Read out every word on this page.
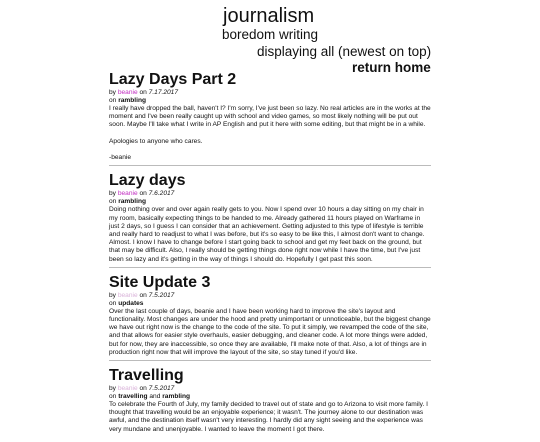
journalism
boredom writing
displaying all (newest on top)
return home
Lazy Days Part 2
by beanie on 7.17.2017
on rambling

I really have dropped the ball, haven't I? I'm sorry, I've just been so lazy. No real articles are in the works at the moment and I've been really caught up with school and video games, so most likely nothing will be put out soon. Maybe I'll take what I write in AP English and put it here with some editing, but that might be in a while.

Apologies to anyone who cares.

-beanie

Lazy days
by beanie on 7.6.2017
on rambling

Doing nothing over and over again really gets to you. Now I spend over 10 hours a day sitting on my chair in my room, basically expecting things to be handed to me. Already gathered 11 hours played on Warframe in just 2 days, so I guess I can consider that an achievement. Getting adjusted to this type of lifestyle is terrible and really hard to readjust to what I was before, but it's so easy to be like this, I almost don't want to change. Almost. I know I have to change before I start going back to school and get my feet back on the ground, but that may be difficult. Also, I really should be getting things done right now while I have the time, but I've just been so lazy and it's getting in the way of things I should do. Hopefully I get past this soon.

Site Update 3
by beanie on 7.5.2017
on updates

Over the last couple of days, beanie and I have been working hard to improve the site's layout and functionality. Most changes are under the hood and pretty unimportant or unnoticeable, but the biggest change we have out right now is the change to the code of the site. To put it simply, we revamped the code of the site, and that allows for easier style overhauls, easier debugging, and cleaner code. A lot more things were added, but for now, they are inaccessible, so once they are available, I'll make note of that. Also, a lot of things are in production right now that will improve the layout of the site, so stay tuned if you'd like.

Travelling
by beanie on 7.5.2017
on travelling and rambling

To celebrate the Fourth of July, my family decided to travel out of state and go to Arizona to visit more family. I thought that travelling would be an enjoyable experience; it wasn't. The journey alone to our destination was awful, and the destination itself wasn't very interesting. I hardly did any sight seeing and the experience was very mundane and unenjoyable. I wanted to leave the moment I got there.
